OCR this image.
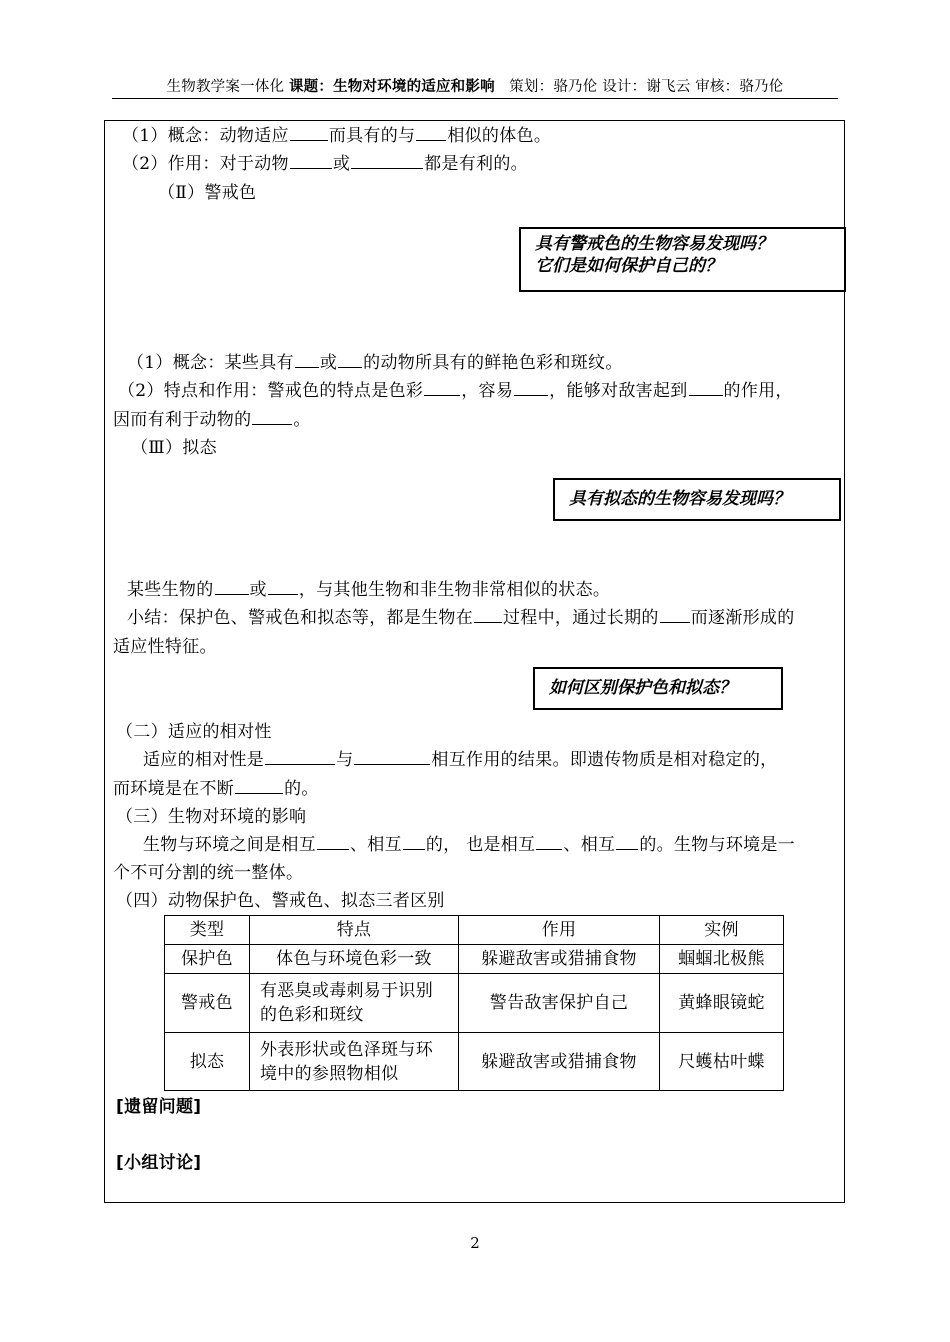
生物教学案一体化 课题：生物对环境的适应和影响 策划：骆乃伦 设计：谢飞云 审核：骆乃伦
（1）概念：动物适应 而具有的与 相似的体色。
（2）作用：对于动物	或	都是有利的。
（Ⅱ）警戒色
具有警戒色的生物容易发现吗？
它们是如何保护自己的？
（1）概念：某些具有 或 的动物所具有的鲜艳色彩和斑纹。
（2）特点和作用：警戒色的特点是色彩 ，容易 ，能够对敌害起到 的作用，
因而有利于动物的 。
（Ⅲ）拟态
具有拟态的生物容易发现吗？
某些生物的 或 ，与其他生物和非生物非常相似的状态。
小结：保护色、警戒色和拟态等，都是生物在 过程中，通过长期的 而逐渐形成的
适应性特征。
如何区别保护色和拟态？
（二）适应的相对性
适应的相对性是	与	相互作用的结果。即遗传物质是相对稳定的，
而环境是在不断	的。
（三）生物对环境的影响
生物与环境之间是相互 、相互 的， 也是相互 、相互 的。生物与环境是一
个不可分割的统一整体。
（四）动物保护色、警戒色、拟态三者区别
类型	特点	作用	实例
保护色	体色与环境色彩一致	躲避敌害或猎捕食物	蝈蝈北极熊
警戒色	有恶臭或毒刺易于识别
的色彩和斑纹	警告敌害保护自己	黄蜂眼镜蛇
拟态	外表形状或色泽斑与环
境中的参照物相似	躲避敌害或猎捕食物	尺蠖枯叶蝶
[遗留问题]
[小组讨论]
2
